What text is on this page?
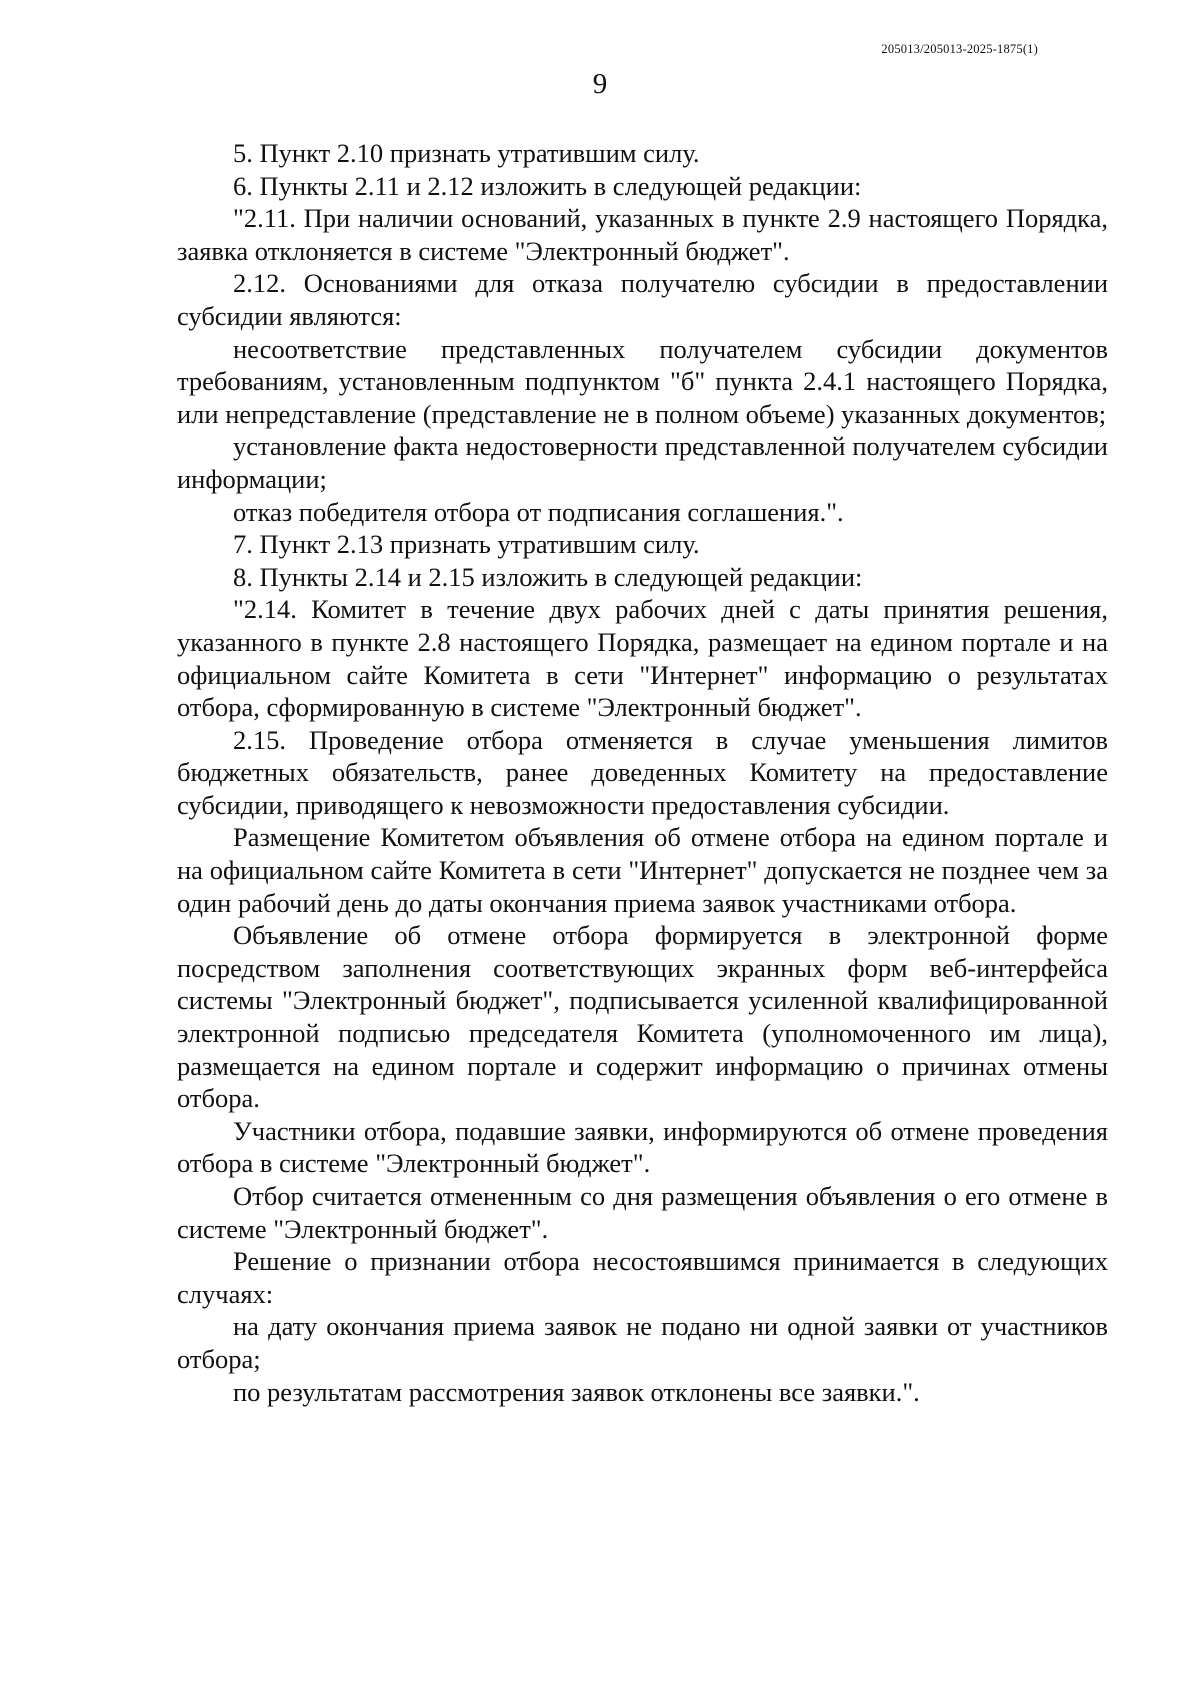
205013/205013-2025-1875(1)
9

5. Пункт 2.10 признать утратившим силу.

6. Пункты 2.11 и 2.12 изложить в следующей редакции:

"2.11. При наличии оснований, указанных в пункте 2.9 настоящего Порядка, заявка отклоняется в системе "Электронный бюджет".

2.12. Основаниями для отказа получателю субсидии в предоставлении субсидии являются:

несоответствие представленных получателем субсидии документов требованиям, установленным подпунктом "б" пункта 2.4.1 настоящего Порядка, или непредставление (представление не в полном объеме) указанных документов;

установление факта недостоверности представленной получателем субсидии информации;

отказ победителя отбора от подписания соглашения.".

7. Пункт 2.13 признать утратившим силу.

8. Пункты 2.14 и 2.15 изложить в следующей редакции:

"2.14. Комитет в течение двух рабочих дней с даты принятия решения, указанного в пункте 2.8 настоящего Порядка, размещает на едином портале и на официальном сайте Комитета в сети "Интернет" информацию о результатах отбора, сформированную в системе "Электронный бюджет".

2.15. Проведение отбора отменяется в случае уменьшения лимитов бюджетных обязательств, ранее доведенных Комитету на предоставление субсидии, приводящего к невозможности предоставления субсидии.

Размещение Комитетом объявления об отмене отбора на едином портале и на официальном сайте Комитета в сети "Интернет" допускается не позднее чем за один рабочий день до даты окончания приема заявок участниками отбора.

Объявление об отмене отбора формируется в электронной форме посредством заполнения соответствующих экранных форм веб-интерфейса системы "Электронный бюджет", подписывается усиленной квалифицированной электронной подписью председателя Комитета (уполномоченного им лица), размещается на едином портале и содержит информацию о причинах отмены отбора.

Участники отбора, подавшие заявки, информируются об отмене проведения отбора в системе "Электронный бюджет".

Отбор считается отмененным со дня размещения объявления о его отмене в системе "Электронный бюджет".

Решение о признании отбора несостоявшимся принимается в следующих случаях:

на дату окончания приема заявок не подано ни одной заявки от участников отбора;

по результатам рассмотрения заявок отклонены все заявки.".
